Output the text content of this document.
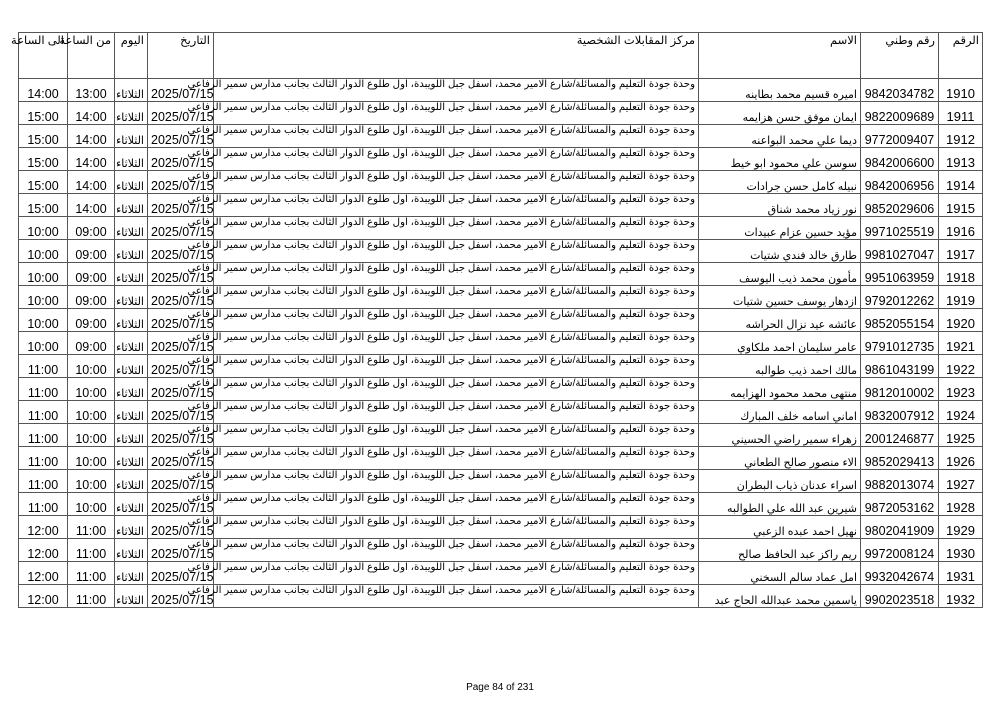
الى الساعة	من الساعة	اليوم	التاريخ	مركز المقابلات الشخصية	الاسم	رقم وطني	الرقم
14:00	13:00	الثلاثاء	2025/07/15	وحدة جودة التعليم والمسائلة/شارع الامير محمد، اسفل جبل اللويبدة، اول طلوع الدوار الثالث بجانب مدارس سمير الرفاعي	اميره قسيم محمد بطاينه	9842034782	1910
15:00	14:00	الثلاثاء	2025/07/15	وحدة جودة التعليم والمسائلة/شارع الامير محمد، اسفل جبل اللويبدة، اول طلوع الدوار الثالث بجانب مدارس سمير الرفاعي	ايمان موفق حسن هزايمه	9822009689	1911
15:00	14:00	الثلاثاء	2025/07/15	وحدة جودة التعليم والمسائلة/شارع الامير محمد، اسفل جبل اللويبدة، اول طلوع الدوار الثالث بجانب مدارس سمير الرفاعي	ديما علي محمد البواعنه	9772009407	1912
15:00	14:00	الثلاثاء	2025/07/15	وحدة جودة التعليم والمسائلة/شارع الامير محمد، اسفل جبل اللويبدة، اول طلوع الدوار الثالث بجانب مدارس سمير الرفاعي	سوسن علي محمود ابو خيط	9842006600	1913
15:00	14:00	الثلاثاء	2025/07/15	وحدة جودة التعليم والمسائلة/شارع الامير محمد، اسفل جبل اللويبدة، اول طلوع الدوار الثالث بجانب مدارس سمير الرفاعي	نبيله كامل حسن جرادات	9842006956	1914
15:00	14:00	الثلاثاء	2025/07/15	وحدة جودة التعليم والمسائلة/شارع الامير محمد، اسفل جبل اللويبدة، اول طلوع الدوار الثالث بجانب مدارس سمير الرفاعي	نور زياد محمد شناق	9852029606	1915
10:00	09:00	الثلاثاء	2025/07/15	وحدة جودة التعليم والمسائلة/شارع الامير محمد، اسفل جبل اللويبدة، اول طلوع الدوار الثالث بجانب مدارس سمير الرفاعي	مؤيد حسين عزام عبيدات	9971025519	1916
10:00	09:00	الثلاثاء	2025/07/15	وحدة جودة التعليم والمسائلة/شارع الامير محمد، اسفل جبل اللويبدة، اول طلوع الدوار الثالث بجانب مدارس سمير الرفاعي	طارق خالد فندي شتيات	9981027047	1917
10:00	09:00	الثلاثاء	2025/07/15	وحدة جودة التعليم والمسائلة/شارع الامير محمد، اسفل جبل اللويبدة، اول طلوع الدوار الثالث بجانب مدارس سمير الرفاعي	مأمون محمد ذيب اليوسف	9951063959	1918
10:00	09:00	الثلاثاء	2025/07/15	وحدة جودة التعليم والمسائلة/شارع الامير محمد، اسفل جبل اللويبدة، اول طلوع الدوار الثالث بجانب مدارس سمير الرفاعي	ازدهار يوسف حسين شتيات	9792012262	1919
10:00	09:00	الثلاثاء	2025/07/15	وحدة جودة التعليم والمسائلة/شارع الامير محمد، اسفل جبل اللويبدة، اول طلوع الدوار الثالث بجانب مدارس سمير الرفاعي	عائشه عيد نزال الحراشه	9852055154	1920
10:00	09:00	الثلاثاء	2025/07/15	وحدة جودة التعليم والمسائلة/شارع الامير محمد، اسفل جبل اللويبدة، اول طلوع الدوار الثالث بجانب مدارس سمير الرفاعي	عامر سليمان احمد ملكاوي	9791012735	1921
11:00	10:00	الثلاثاء	2025/07/15	وحدة جودة التعليم والمسائلة/شارع الامير محمد، اسفل جبل اللويبدة، اول طلوع الدوار الثالث بجانب مدارس سمير الرفاعي	مالك احمد ذيب طوالبه	9861043199	1922
11:00	10:00	الثلاثاء	2025/07/15	وحدة جودة التعليم والمسائلة/شارع الامير محمد، اسفل جبل اللويبدة، اول طلوع الدوار الثالث بجانب مدارس سمير الرفاعي	منتهى محمد محمود الهزايمه	9812010002	1923
11:00	10:00	الثلاثاء	2025/07/15	وحدة جودة التعليم والمسائلة/شارع الامير محمد، اسفل جبل اللويبدة، اول طلوع الدوار الثالث بجانب مدارس سمير الرفاعي	اماني اسامه خلف المبارك	9832007912	1924
11:00	10:00	الثلاثاء	2025/07/15	وحدة جودة التعليم والمسائلة/شارع الامير محمد، اسفل جبل اللويبدة، اول طلوع الدوار الثالث بجانب مدارس سمير الرفاعي	زهراء سمير راضي الحسيني	2001246877	1925
11:00	10:00	الثلاثاء	2025/07/15	وحدة جودة التعليم والمسائلة/شارع الامير محمد، اسفل جبل اللويبدة، اول طلوع الدوار الثالث بجانب مدارس سمير الرفاعي	الاء منصور صالح الطعاني	9852029413	1926
11:00	10:00	الثلاثاء	2025/07/15	وحدة جودة التعليم والمسائلة/شارع الامير محمد، اسفل جبل اللويبدة، اول طلوع الدوار الثالث بجانب مدارس سمير الرفاعي	اسراء عدنان ذياب البطران	9882013074	1927
11:00	10:00	الثلاثاء	2025/07/15	وحدة جودة التعليم والمسائلة/شارع الامير محمد، اسفل جبل اللويبدة، اول طلوع الدوار الثالث بجانب مدارس سمير الرفاعي	شيرين عبد الله علي الطوالبه	9872053162	1928
12:00	11:00	الثلاثاء	2025/07/15	وحدة جودة التعليم والمسائلة/شارع الامير محمد، اسفل جبل اللويبدة، اول طلوع الدوار الثالث بجانب مدارس سمير الرفاعي	نهيل احمد عبده الزعبي	9802041909	1929
12:00	11:00	الثلاثاء	2025/07/15	وحدة جودة التعليم والمسائلة/شارع الامير محمد، اسفل جبل اللويبدة، اول طلوع الدوار الثالث بجانب مدارس سمير الرفاعي	ريم راكز عبد الحافظ صالح	9972008124	1930
12:00	11:00	الثلاثاء	2025/07/15	وحدة جودة التعليم والمسائلة/شارع الامير محمد، اسفل جبل اللويبدة، اول طلوع الدوار الثالث بجانب مدارس سمير الرفاعي	امل عماد سالم السخني	9932042674	1931
12:00	11:00	الثلاثاء	2025/07/15	وحدة جودة التعليم والمسائلة/شارع الامير محمد، اسفل جبل اللويبدة، اول طلوع الدوار الثالث بجانب مدارس سمير الرفاعي	ياسمين محمد عبدالله الحاج عبد	9902023518	1932
Page 84 of 231
